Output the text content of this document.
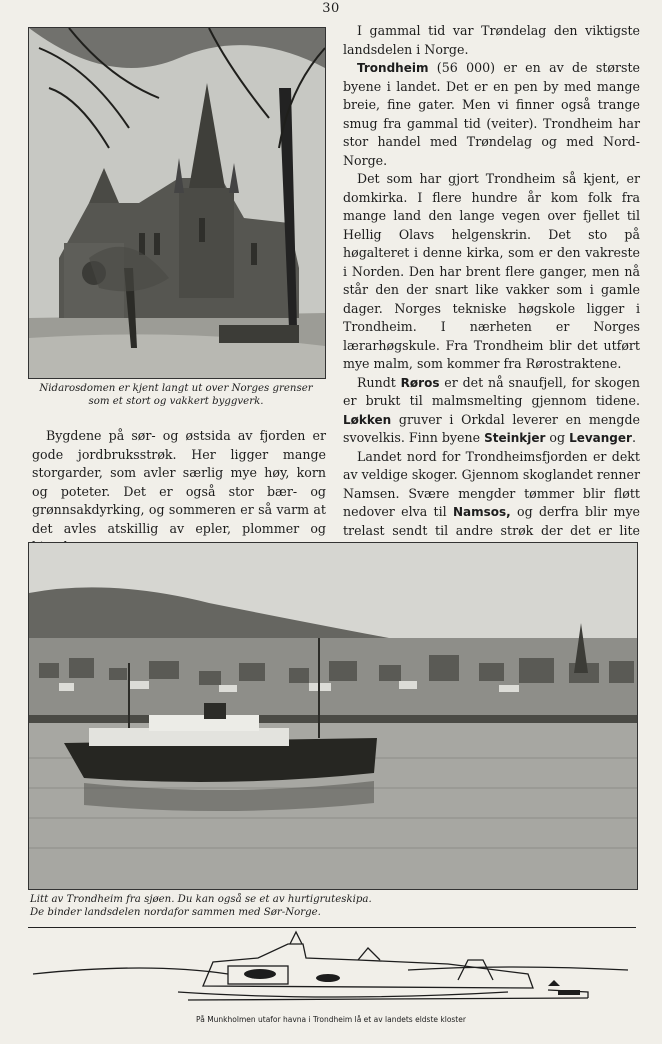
30
Nidarosdomen er kjent langt ut over Norges grenser som et stort og vakkert byggverk.

Bygdene på sør- og østsida av fjorden er gode jordbruksstrøk. Her ligger mange storgarder, som avler særlig mye høy, korn og poteter. Det er også stor bær- og grønnsakdyrking, og sommeren er så varm at det avles atskillig av epler, plommer og

I gammal tid var Trøndelag den viktigste landsdelen i Norge.

Trondheim (56 000) er en av de største byene i landet. Det er en pen by med mange breie, fine gater. Men vi finner også trange smug fra gammal tid (veiter). Trondheim har stor handel med Trøndelag og med Nord-Norge.

Det som har gjort Trondheim så kjent, er domkirka. I flere hundre år kom folk fra mange land den lange vegen over fjellet til Hellig Olavs helgenskrin. Det sto på høgalteret i denne kirka, som er den vakreste i Norden. Den har brent flere ganger, men nå står den der snart like vakker som i gamle dager. Norges tekniske høgskole ligger i Trondheim. I nærheten er Norges lærarhøgskule. Fra Trondheim blir det utført mye malm, som kommer fra Rørostraktene.

Rundt Røros er det nå snaufjell, for skogen er brukt til malmsmelting gjennom tidene. Løkken gruver i Orkdal leverer en mengde svovelkis. Finn byene Steinkjer og Levanger.

Landet nord for Trondheimsfjorden er dekt av veldige skoger. Gjennom skoglandet renner Namsen. Svære mengder tømmer blir fløtt nedover elva til Namsos, og derfra blir mye trelast sendt til andre strøk der det er lite

Litt av Trondheim fra sjøen. Du kan også se et av hurtigruteskipa.
De binder landsdelen nordafor sammen med Sør-Norge.
På Munkholmen utafor havna i Trondheim lå et av landets eldste kloster
